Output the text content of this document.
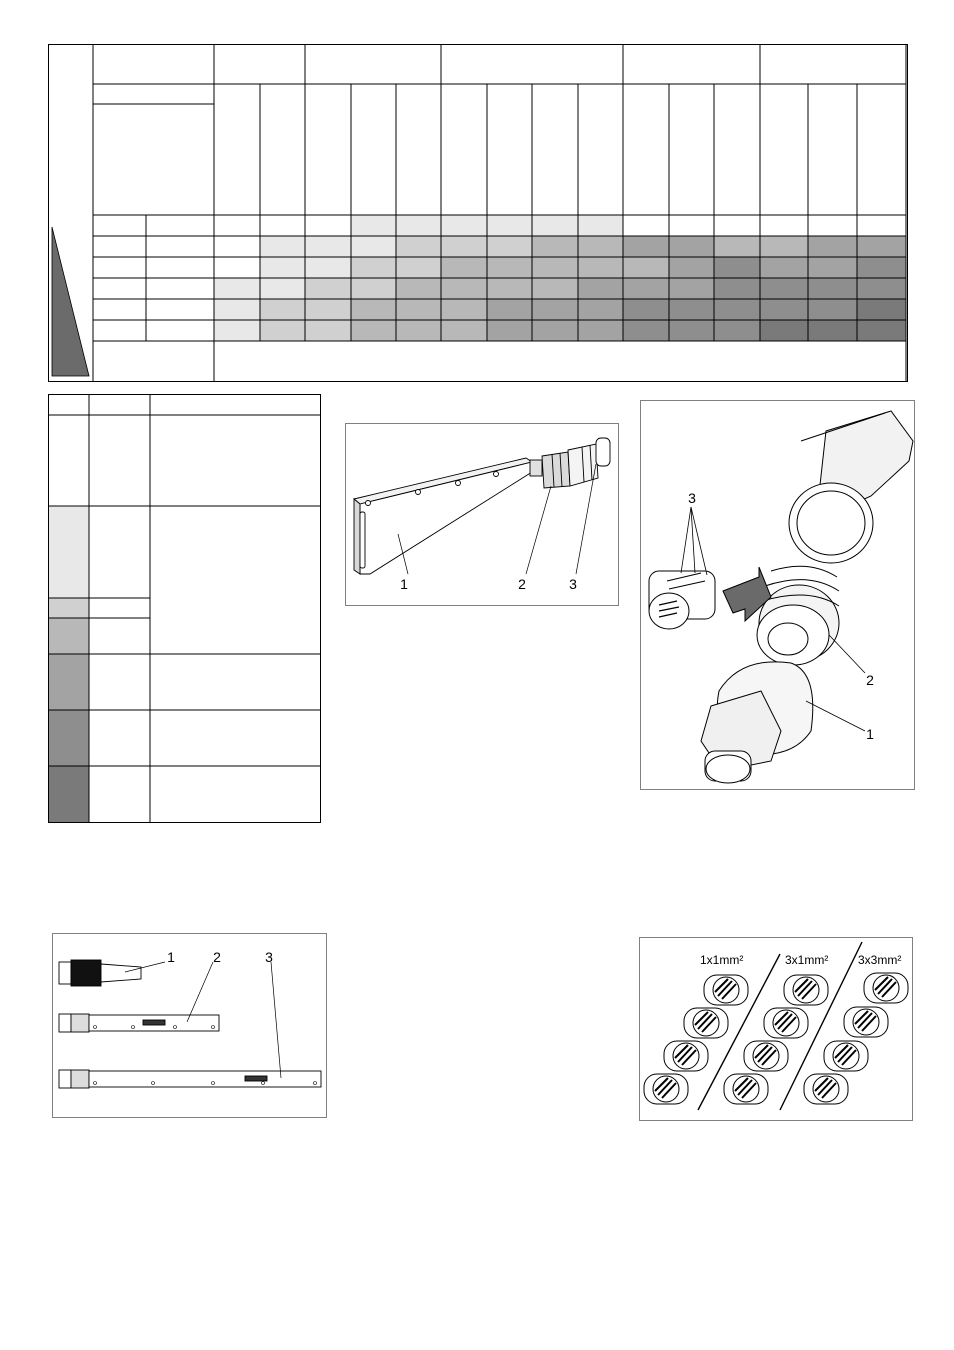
1	2	3
3
2
1
1	2	3	1x1mm²	3x1mm² 3x3mm²
